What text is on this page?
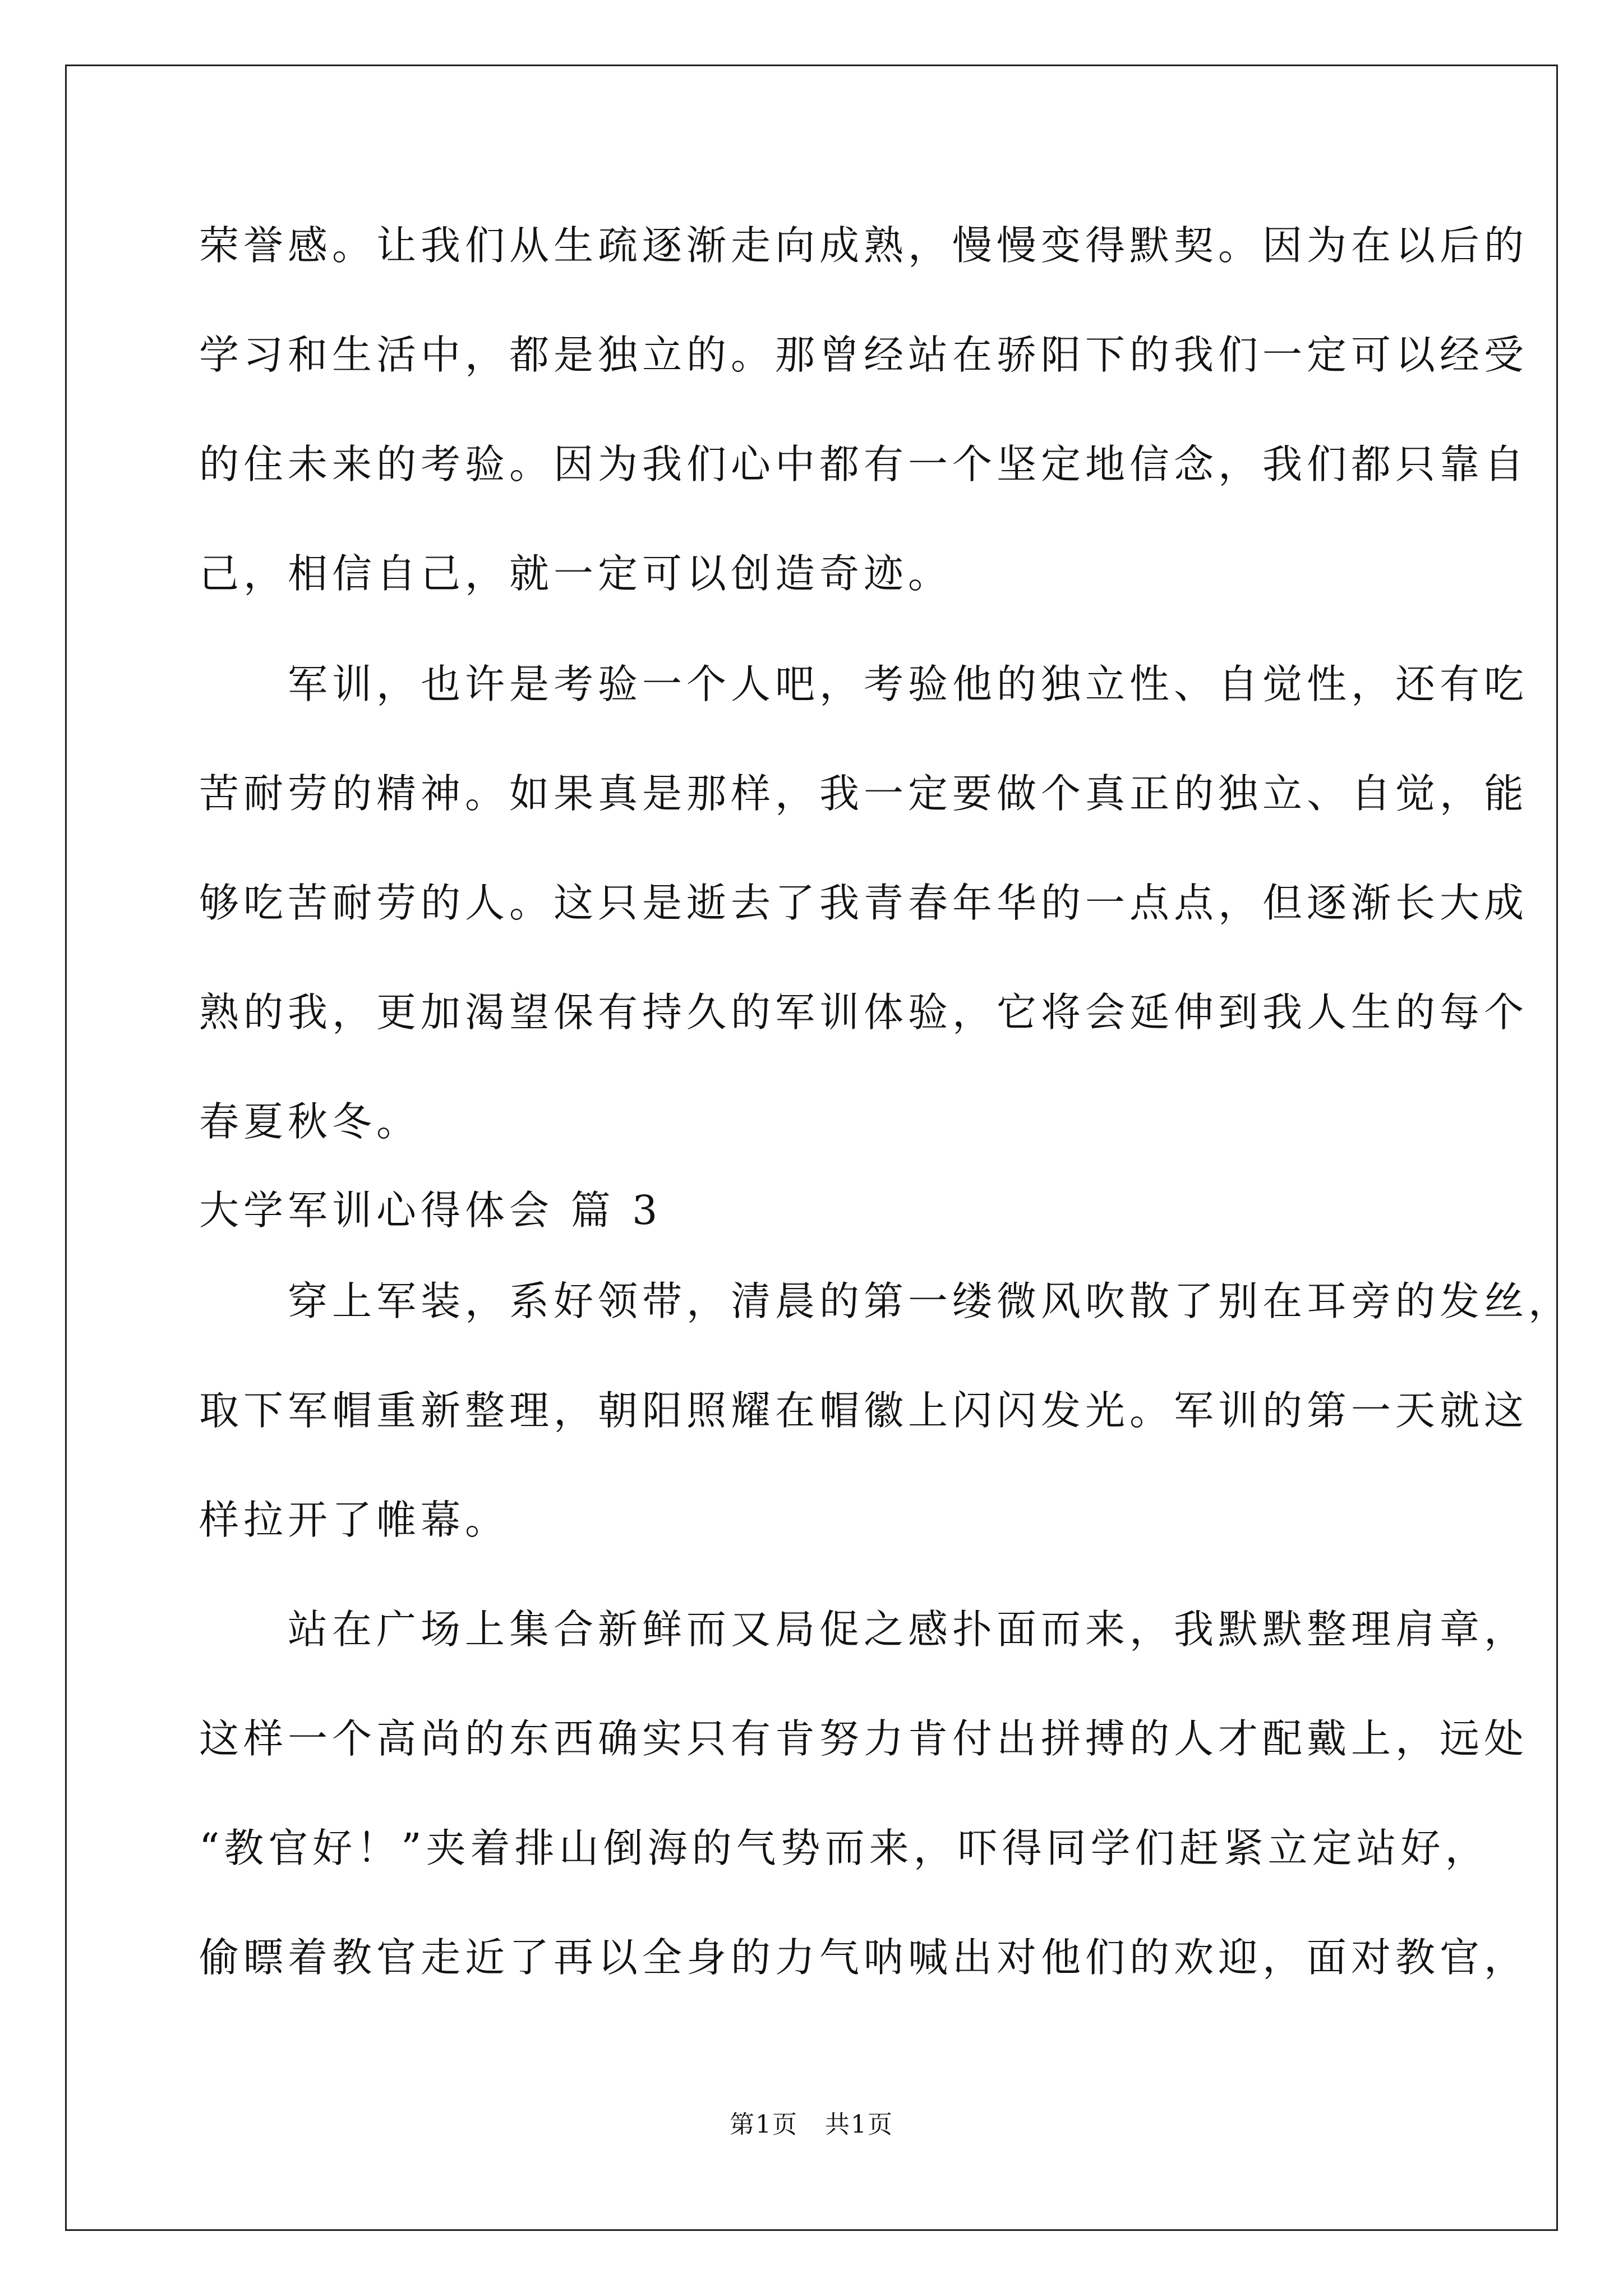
荣誉感。让我们从生疏逐渐走向成熟，慢慢变得默契。因为在以后的
学习和生活中，都是独立的。那曾经站在骄阳下的我们一定可以经受
的住未来的考验。因为我们心中都有一个坚定地信念，我们都只靠自
己，相信自己，就一定可以创造奇迹。
　　军训，也许是考验一个人吧，考验他的独立性、自觉性，还有吃
苦耐劳的精神。如果真是那样，我一定要做个真正的独立、自觉，能
够吃苦耐劳的人。这只是逝去了我青春年华的一点点，但逐渐长大成
熟的我，更加渴望保有持久的军训体验，它将会延伸到我人生的每个
春夏秋冬。
大学军训心得体会 篇 3
　　穿上军装，系好领带，清晨的第一缕微风吹散了别在耳旁的发丝，
取下军帽重新整理，朝阳照耀在帽徽上闪闪发光。军训的第一天就这
样拉开了帷幕。
　　站在广场上集合新鲜而又局促之感扑面而来，我默默整理肩章，
这样一个高尚的东西确实只有肯努力肯付出拼搏的人才配戴上，远处
“教官好！”夹着排山倒海的气势而来，吓得同学们赶紧立定站好，
偷瞟着教官走近了再以全身的力气呐喊出对他们的欢迎，面对教官，
第1页   共1页
